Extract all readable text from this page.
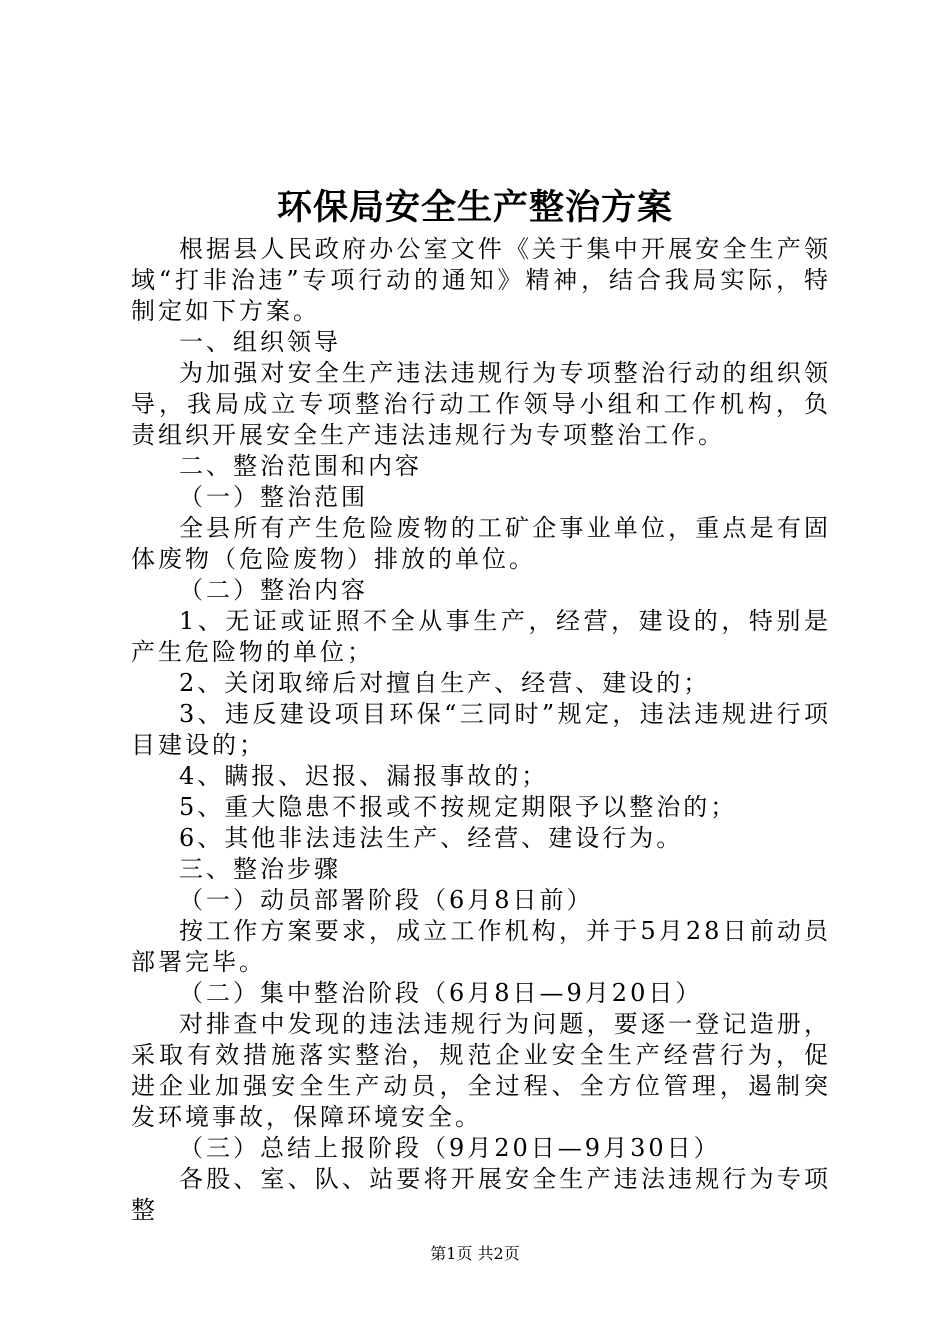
环保局安全生产整治方案

根据县人民政府办公室文件《关于集中开展安全生产领域“打非治违”专项行动的通知》精神，结合我局实际，特制定如下方案。

一、组织领导

为加强对安全生产违法违规行为专项整治行动的组织领导，我局成立专项整治行动工作领导小组和工作机构，负责组织开展安全生产违法违规行为专项整治工作。

二、整治范围和内容

（一）整治范围

全县所有产生危险废物的工矿企事业单位，重点是有固体废物（危险废物）排放的单位。

（二）整治内容

1、无证或证照不全从事生产，经营，建设的，特别是产生危险物的单位；

2、关闭取缔后对擅自生产、经营、建设的；

3、违反建设项目环保“三同时”规定，违法违规进行项目建设的；

4、瞒报、迟报、漏报事故的；

5、重大隐患不报或不按规定期限予以整治的；

6、其他非法违法生产、经营、建设行为。

三、整治步骤

（一）动员部署阶段（6月8日前）

按工作方案要求，成立工作机构，并于5月28日前动员部署完毕。

（二）集中整治阶段（6月8日—9月20日）

对排查中发现的违法违规行为问题，要逐一登记造册，采取有效措施落实整治，规范企业安全生产经营行为，促进企业加强安全生产动员，全过程、全方位管理，遏制突发环境事故，保障环境安全。

（三）总结上报阶段（9月20日—9月30日）

各股、室、队、站要将开展安全生产违法违规行为专项整

第1页 共2页
